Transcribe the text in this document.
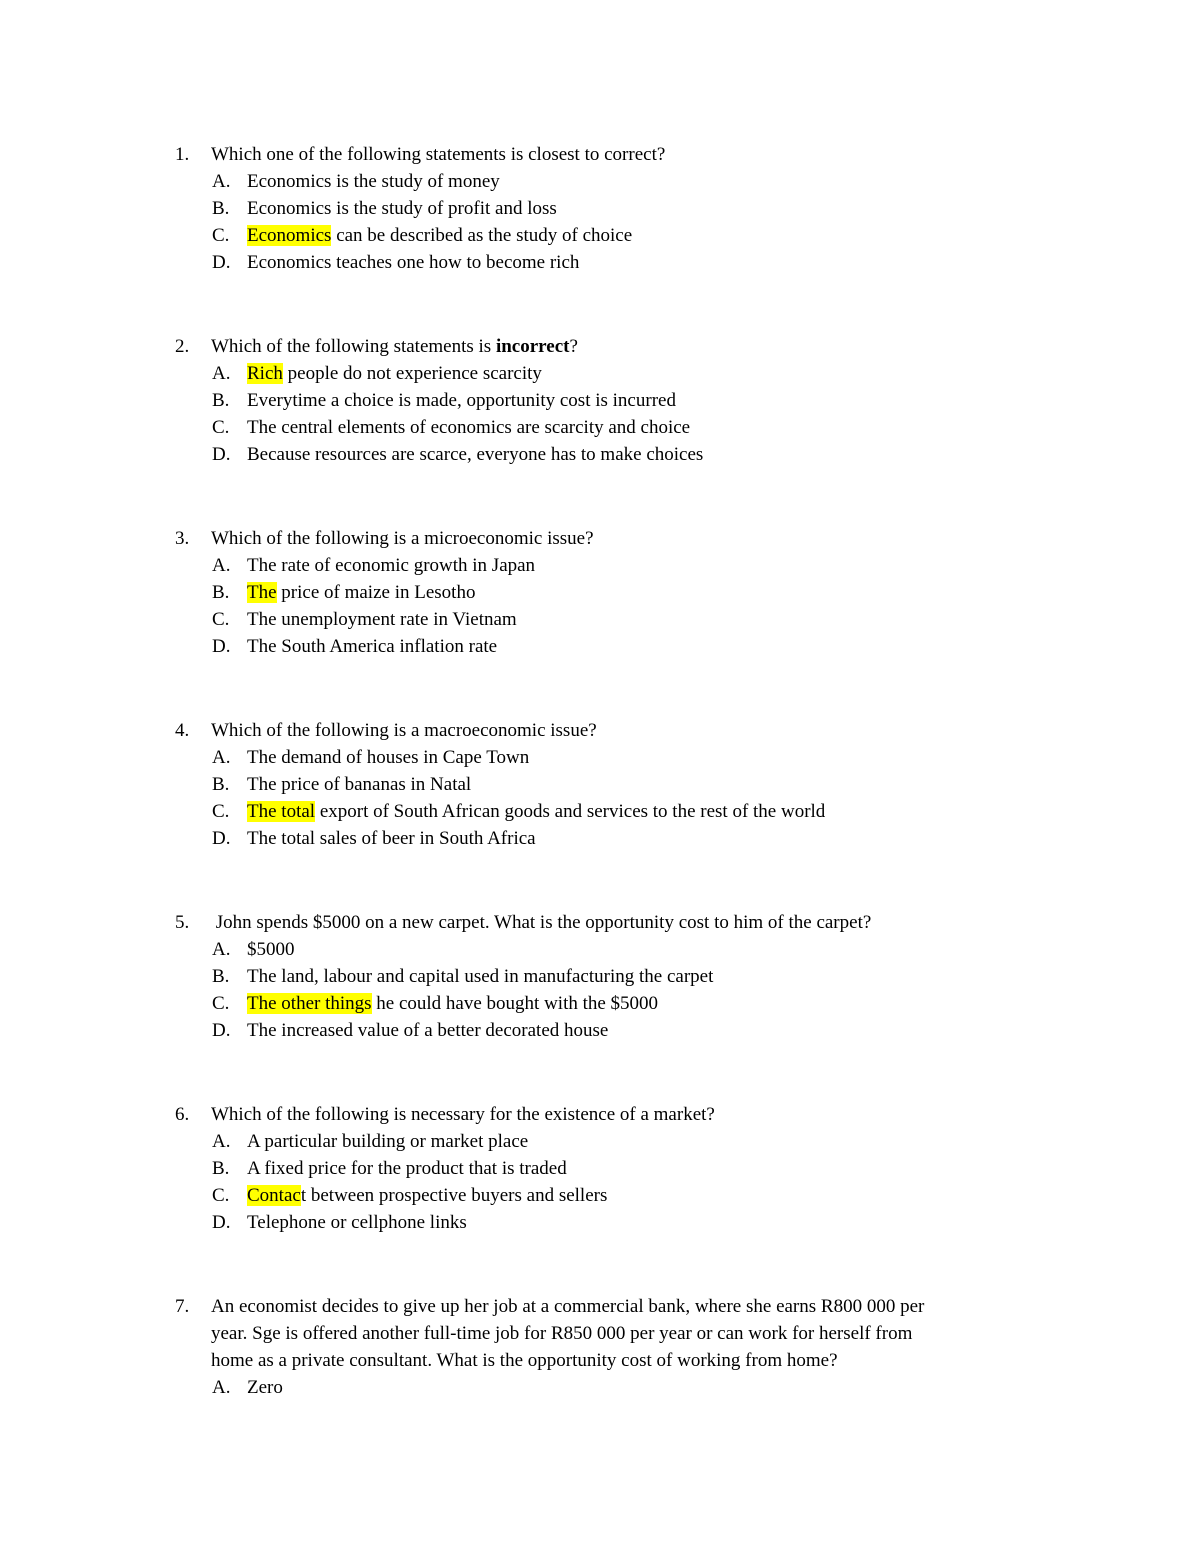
1. Which one of the following statements is closest to correct?
A. Economics is the study of money
B. Economics is the study of profit and loss
C. Economics can be described as the study of choice
D. Economics teaches one how to become rich
2. Which of the following statements is incorrect?
A. Rich people do not experience scarcity
B. Everytime a choice is made, opportunity cost is incurred
C. The central elements of economics are scarcity and choice
D. Because resources are scarce, everyone has to make choices
3. Which of the following is a microeconomic issue?
A. The rate of economic growth in Japan
B. The price of maize in Lesotho
C. The unemployment rate in Vietnam
D. The South America inflation rate
4. Which of the following is a macroeconomic issue?
A. The demand of houses in Cape Town
B. The price of bananas in Natal
C. The total export of South African goods and services to the rest of the world
D. The total sales of beer in South Africa
5. John spends $5000 on a new carpet. What is the opportunity cost to him of the carpet?
A. $5000
B. The land, labour and capital used in manufacturing the carpet
C. The other things he could have bought with the $5000
D. The increased value of a better decorated house
6. Which of the following is necessary for the existence of a market?
A. A particular building or market place
B. A fixed price for the product that is traded
C. Contact between prospective buyers and sellers
D. Telephone or cellphone links
7. An economist decides to give up her job at a commercial bank, where she earns R800 000 per
year. Sge is offered another full-time job for R850 000 per year or can work for herself from
home as a private consultant. What is the opportunity cost of working from home?
A. Zero
